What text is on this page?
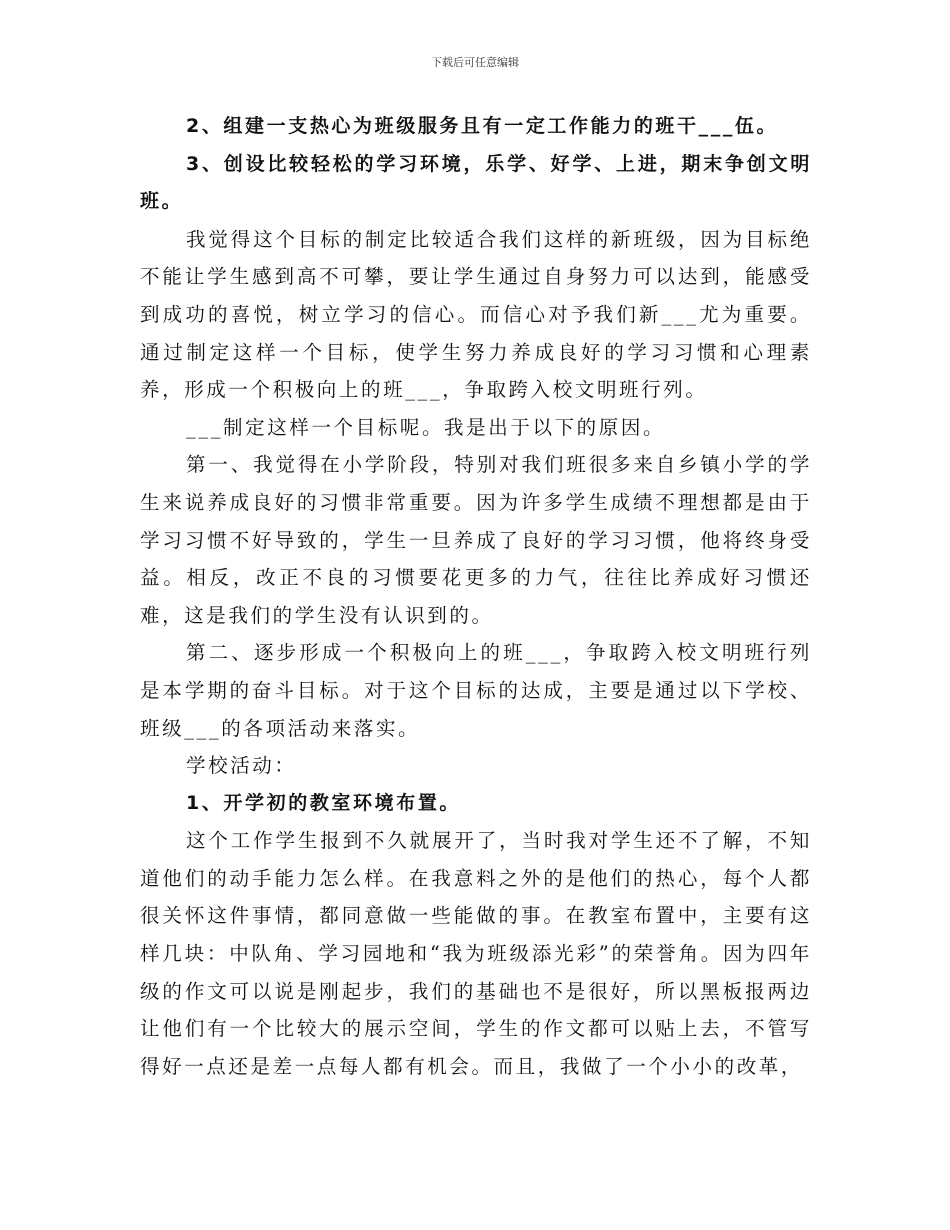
下载后可任意编辑

2、组建一支热心为班级服务且有一定工作能力的班干___伍。

3、创设比较轻松的学习环境，乐学、好学、上进，期末争创文明班。

我觉得这个目标的制定比较适合我们这样的新班级，因为目标绝不能让学生感到高不可攀，要让学生通过自身努力可以达到，能感受到成功的喜悦，树立学习的信心。而信心对予我们新___尤为重要。通过制定这样一个目标，使学生努力养成良好的学习习惯和心理素养，形成一个积极向上的班___，争取跨入校文明班行列。

___制定这样一个目标呢。我是出于以下的原因。

第一、我觉得在小学阶段，特别对我们班很多来自乡镇小学的学生来说养成良好的习惯非常重要。因为许多学生成绩不理想都是由于学习习惯不好导致的，学生一旦养成了良好的学习习惯，他将终身受益。相反，改正不良的习惯要花更多的力气，往往比养成好习惯还难，这是我们的学生没有认识到的。

第二、逐步形成一个积极向上的班___，争取跨入校文明班行列是本学期的奋斗目标。对于这个目标的达成，主要是通过以下学校、班级___的各项活动来落实。

学校活动：

1、开学初的教室环境布置。

这个工作学生报到不久就展开了，当时我对学生还不了解，不知道他们的动手能力怎么样。在我意料之外的是他们的热心，每个人都很关怀这件事情，都同意做一些能做的事。在教室布置中，主要有这样几块：中队角、学习园地和“我为班级添光彩”的荣誉角。因为四年级的作文可以说是刚起步，我们的基础也不是很好，所以黑板报两边让他们有一个比较大的展示空间，学生的作文都可以贴上去，不管写得好一点还是差一点每人都有机会。而且，我做了一个小小的改革，
